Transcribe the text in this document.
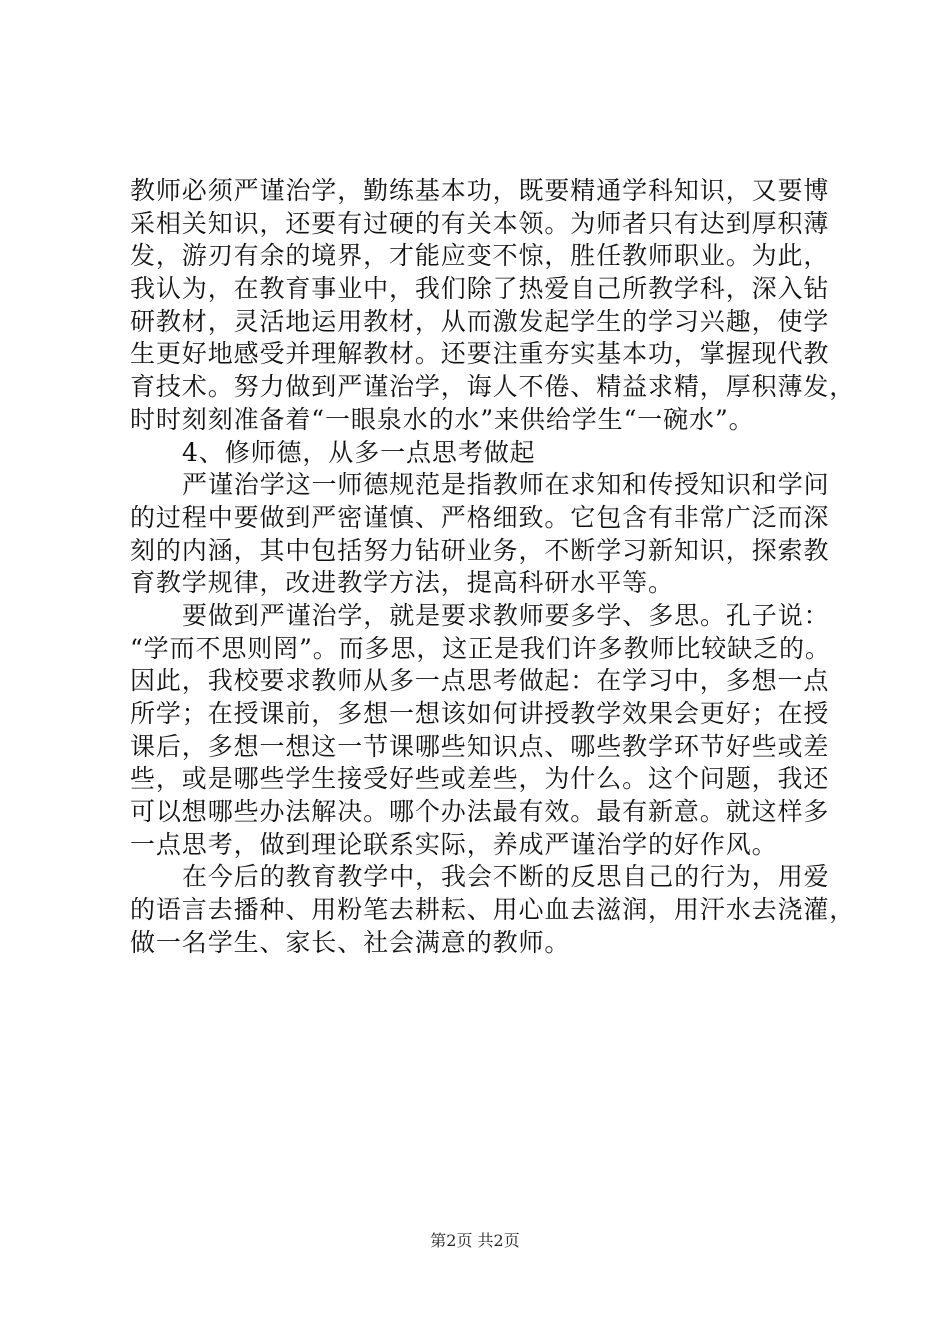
教师必须严谨治学，勤练基本功，既要精通学科知识，又要博
采相关知识，还要有过硬的有关本领。为师者只有达到厚积薄
发，游刃有余的境界，才能应变不惊，胜任教师职业。为此，
我认为，在教育事业中，我们除了热爱自己所教学科，深入钻
研教材，灵活地运用教材，从而激发起学生的学习兴趣，使学
生更好地感受并理解教材。还要注重夯实基本功，掌握现代教
育技术。努力做到严谨治学，诲人不倦、精益求精，厚积薄发，
时时刻刻准备着“一眼泉水的水”来供给学生“一碗水”。
4、修师德，从多一点思考做起
严谨治学这一师德规范是指教师在求知和传授知识和学问
的过程中要做到严密谨慎、严格细致。它包含有非常广泛而深
刻的内涵，其中包括努力钻研业务，不断学习新知识，探索教
育教学规律，改进教学方法，提高科研水平等。
要做到严谨治学，就是要求教师要多学、多思。孔子说：
“学而不思则罔”。而多思，这正是我们许多教师比较缺乏的。
因此，我校要求教师从多一点思考做起：在学习中，多想一点
所学；在授课前，多想一想该如何讲授教学效果会更好；在授
课后，多想一想这一节课哪些知识点、哪些教学环节好些或差
些，或是哪些学生接受好些或差些，为什么。这个问题，我还
可以想哪些办法解决。哪个办法最有效。最有新意。就这样多
一点思考，做到理论联系实际，养成严谨治学的好作风。
在今后的教育教学中，我会不断的反思自己的行为，用爱
的语言去播种、用粉笔去耕耘、用心血去滋润，用汗水去浇灌，
做一名学生、家长、社会满意的教师。
第2页 共2页
